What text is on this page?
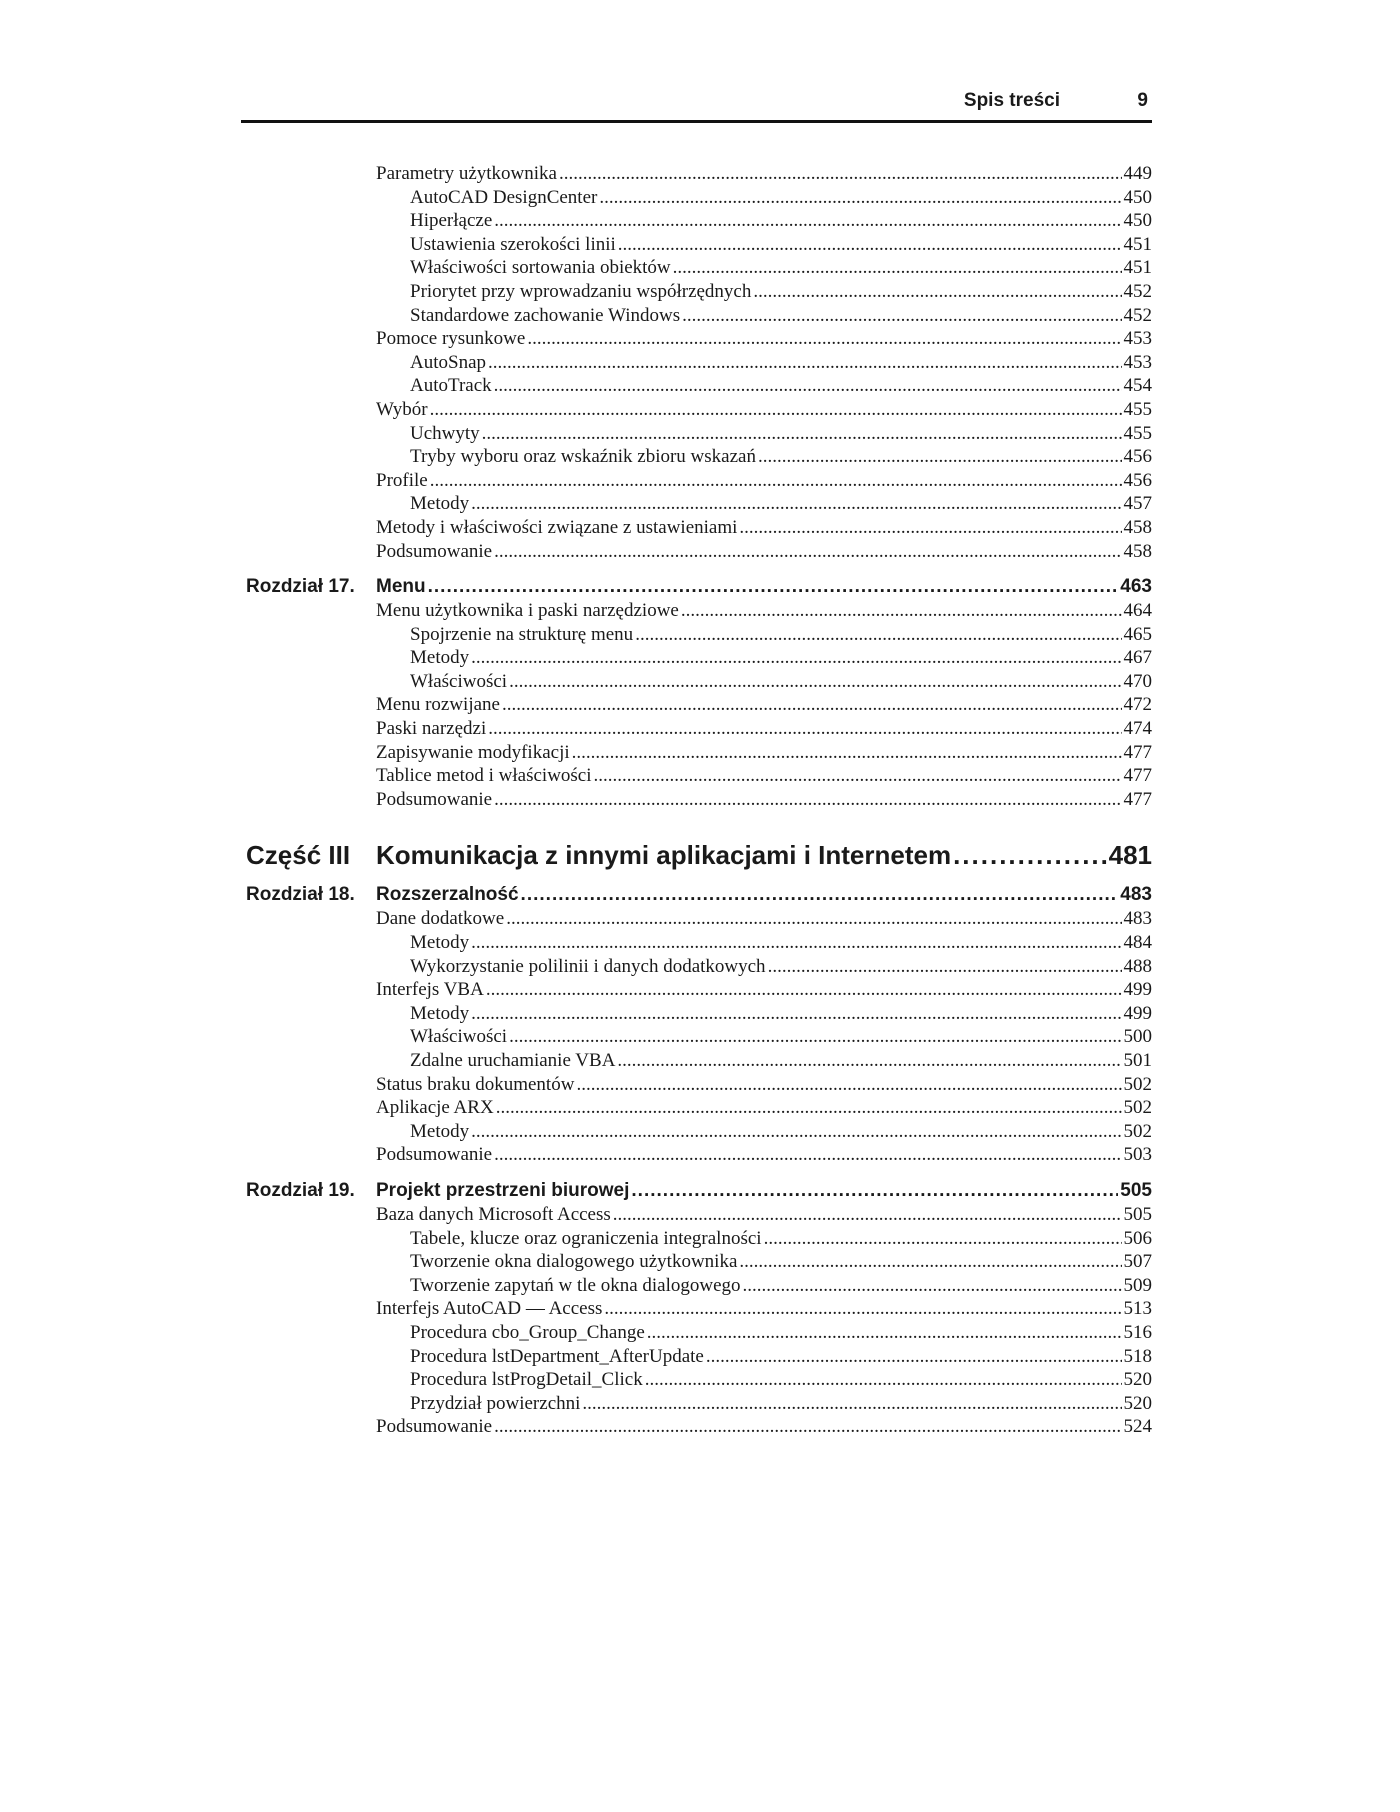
Spis treści	9
Parametry użytkownika .....	449
AutoCAD DesignCenter .....	450
Hiperłącze .....	450
Ustawienia szerokości linii .....	451
Właściwości sortowania obiektów .....	451
Priorytet przy wprowadzaniu współrzędnych .....	452
Standardowe zachowanie Windows .....	452
Pomoce rysunkowe .....	453
AutoSnap .....	453
AutoTrack .....	454
Wybór .....	455
Uchwyty .....	455
Tryby wyboru oraz wskaźnik zbioru wskazań .....	456
Profile .....	456
Metody .....	457
Metody i właściwości związane z ustawieniami .....	458
Podsumowanie .....	458
Rozdział 17. Menu .....	463
Menu użytkownika i paski narzędziowe .....	464
Spojrzenie na strukturę menu .....	465
Metody .....	467
Właściwości .....	470
Menu rozwijane .....	472
Paski narzędzi .....	474
Zapisywanie modyfikacji .....	477
Tablice metod i właściwości .....	477
Podsumowanie .....	477
Część III Komunikacja z innymi aplikacjami i Internetem .....	481
Rozdział 18. Rozszerzalność .....	483
Dane dodatkowe .....	483
Metody .....	484
Wykorzystanie polilinii i danych dodatkowych .....	488
Interfejs VBA .....	499
Metody .....	499
Właściwości .....	500
Zdalne uruchamianie VBA .....	501
Status braku dokumentów .....	502
Aplikacje ARX .....	502
Metody .....	502
Podsumowanie .....	503
Rozdział 19. Projekt przestrzeni biurowej .....	505
Baza danych Microsoft Access .....	505
Tabele, klucze oraz ograniczenia integralności .....	506
Tworzenie okna dialogowego użytkownika .....	507
Tworzenie zapytań w tle okna dialogowego .....	509
Interfejs AutoCAD — Access .....	513
Procedura cbo_Group_Change .....	516
Procedura lstDepartment_AfterUpdate .....	518
Procedura lstProgDetail_Click .....	520
Przydział powierzchni .....	520
Podsumowanie .....	524
